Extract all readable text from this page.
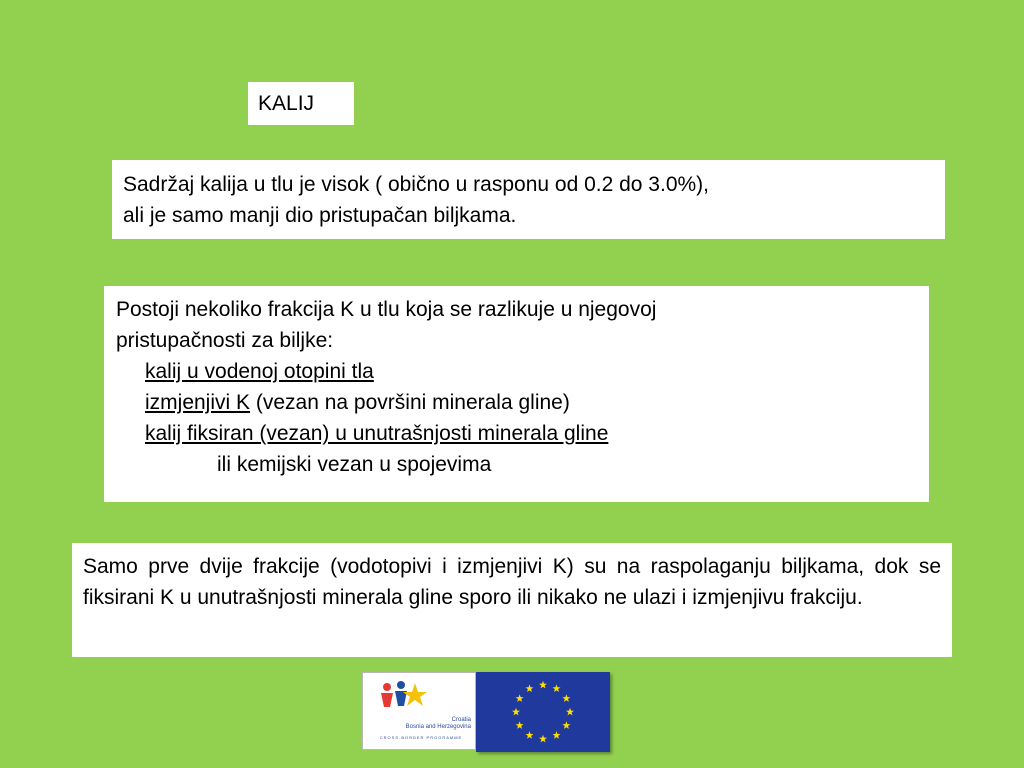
KALIJ
Sadržaj kalija u tlu je visok ( obično u rasponu od 0.2 do 3.0%),
ali je samo manji dio pristupačan biljkama.
Postoji nekoliko frakcija K u tlu koja se razlikuje u njegovoj
pristupačnosti za biljke:
kalij u vodenoj otopini tla
izmjenjivi K (vezan na površini minerala gline)
kalij fiksiran (vezan) u unutrašnjosti minerala gline
ili kemijski vezan u spojevima
Samo prve dvije frakcije (vodotopivi i izmjenjivi K) su na raspolaganju biljkama, dok se fiksirani K u unutrašnjosti minerala gline sporo ili nikako ne ulazi i izmjenjivu frakciju.
Croatia
Bosnia and Herzegovina
CROSS-BORDER PROGRAMME
